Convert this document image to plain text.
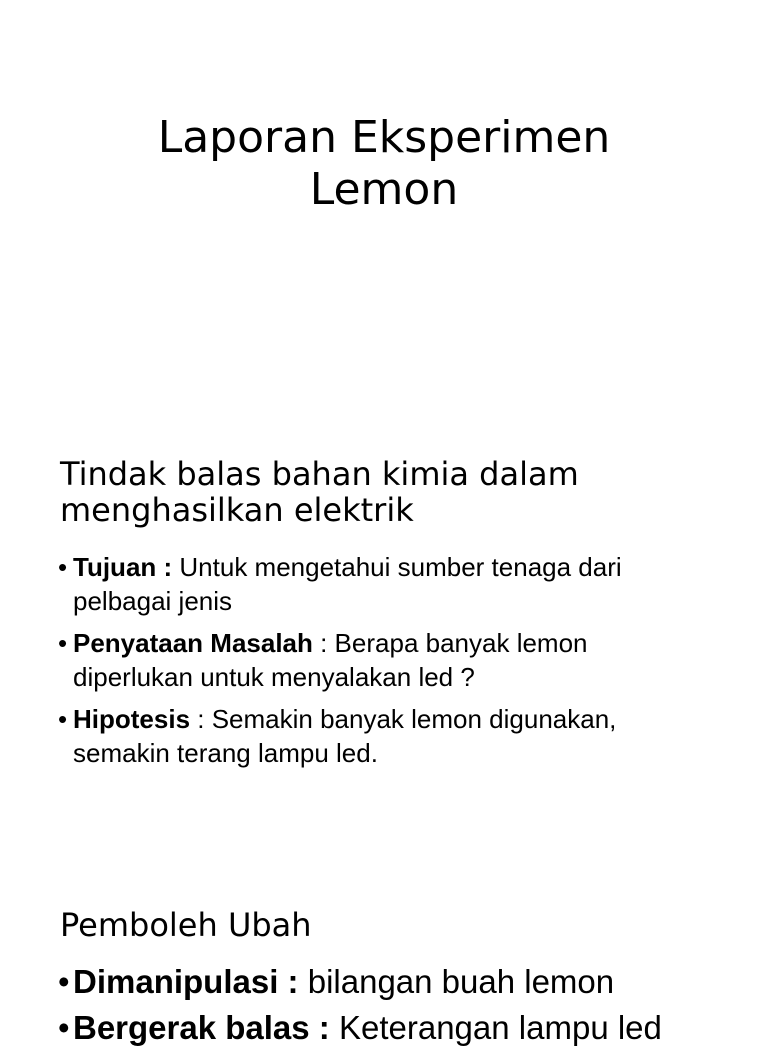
Laporan Eksperimen
Lemon
Tindak balas bahan kimia dalam
menghasilkan elektrik
• Tujuan : Untuk mengetahui sumber tenaga dari pelbagai jenis
• Penyataan Masalah : Berapa banyak lemon diperlukan untuk menyalakan led ?
• Hipotesis : Semakin banyak lemon digunakan, semakin terang lampu led.
Pemboleh Ubah
• Dimanipulasi : bilangan buah lemon
• Bergerak balas : Keterangan lampu led
